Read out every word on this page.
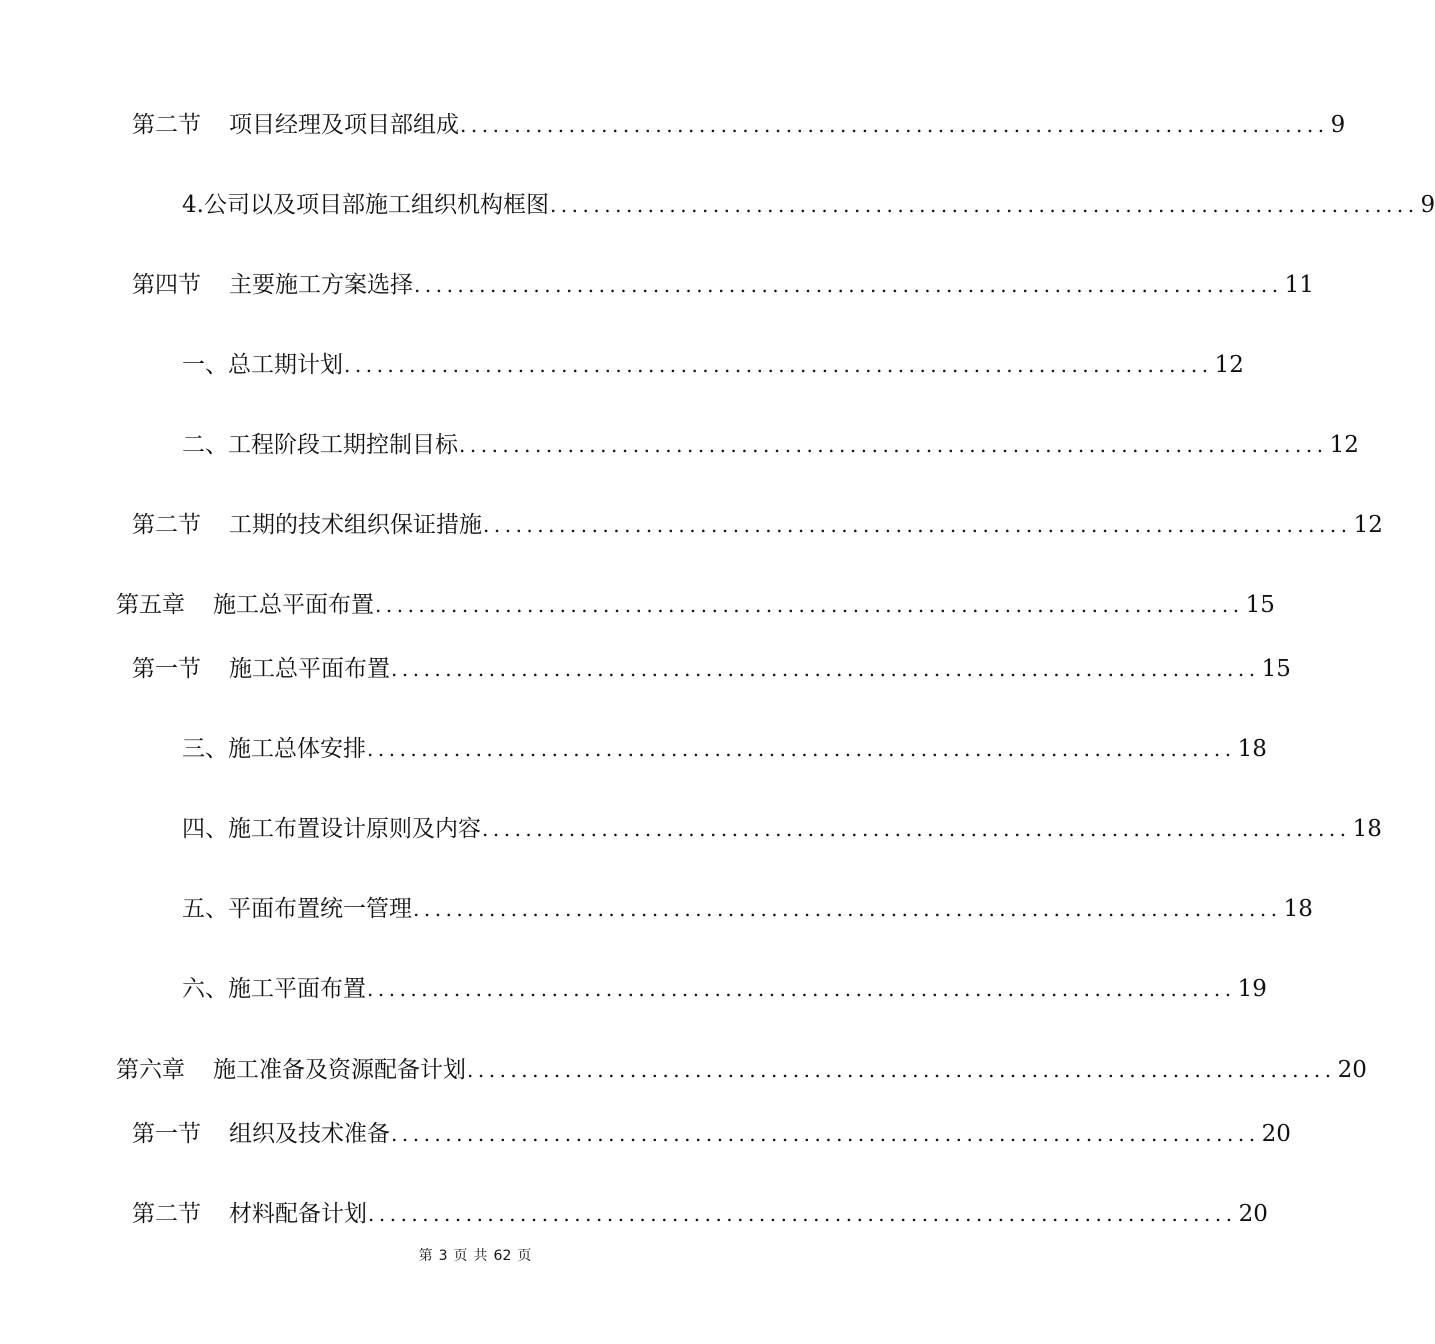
第二节 项目经理及项目部组成 ................................................................................ 9
4.公司以及项目部施工组织机构框图 ................................................................................ 9
第四节 主要施工方案选择 ................................................................................ 11
一、总工期计划 ................................................................................ 12
二、工程阶段工期控制目标 ................................................................................ 12
第二节 工期的技术组织保证措施 ................................................................................ 12
第五章 施工总平面布置 ................................................................................ 15
第一节 施工总平面布置 ................................................................................ 15
三、施工总体安排 ................................................................................ 18
四、施工布置设计原则及内容 ................................................................................ 18
五、平面布置统一管理 ................................................................................ 18
六、施工平面布置 ................................................................................ 19
第六章 施工准备及资源配备计划 ................................................................................ 20
第一节 组织及技术准备 ................................................................................ 20
第二节 材料配备计划 ................................................................................ 20
第 3 页 共 62 页
